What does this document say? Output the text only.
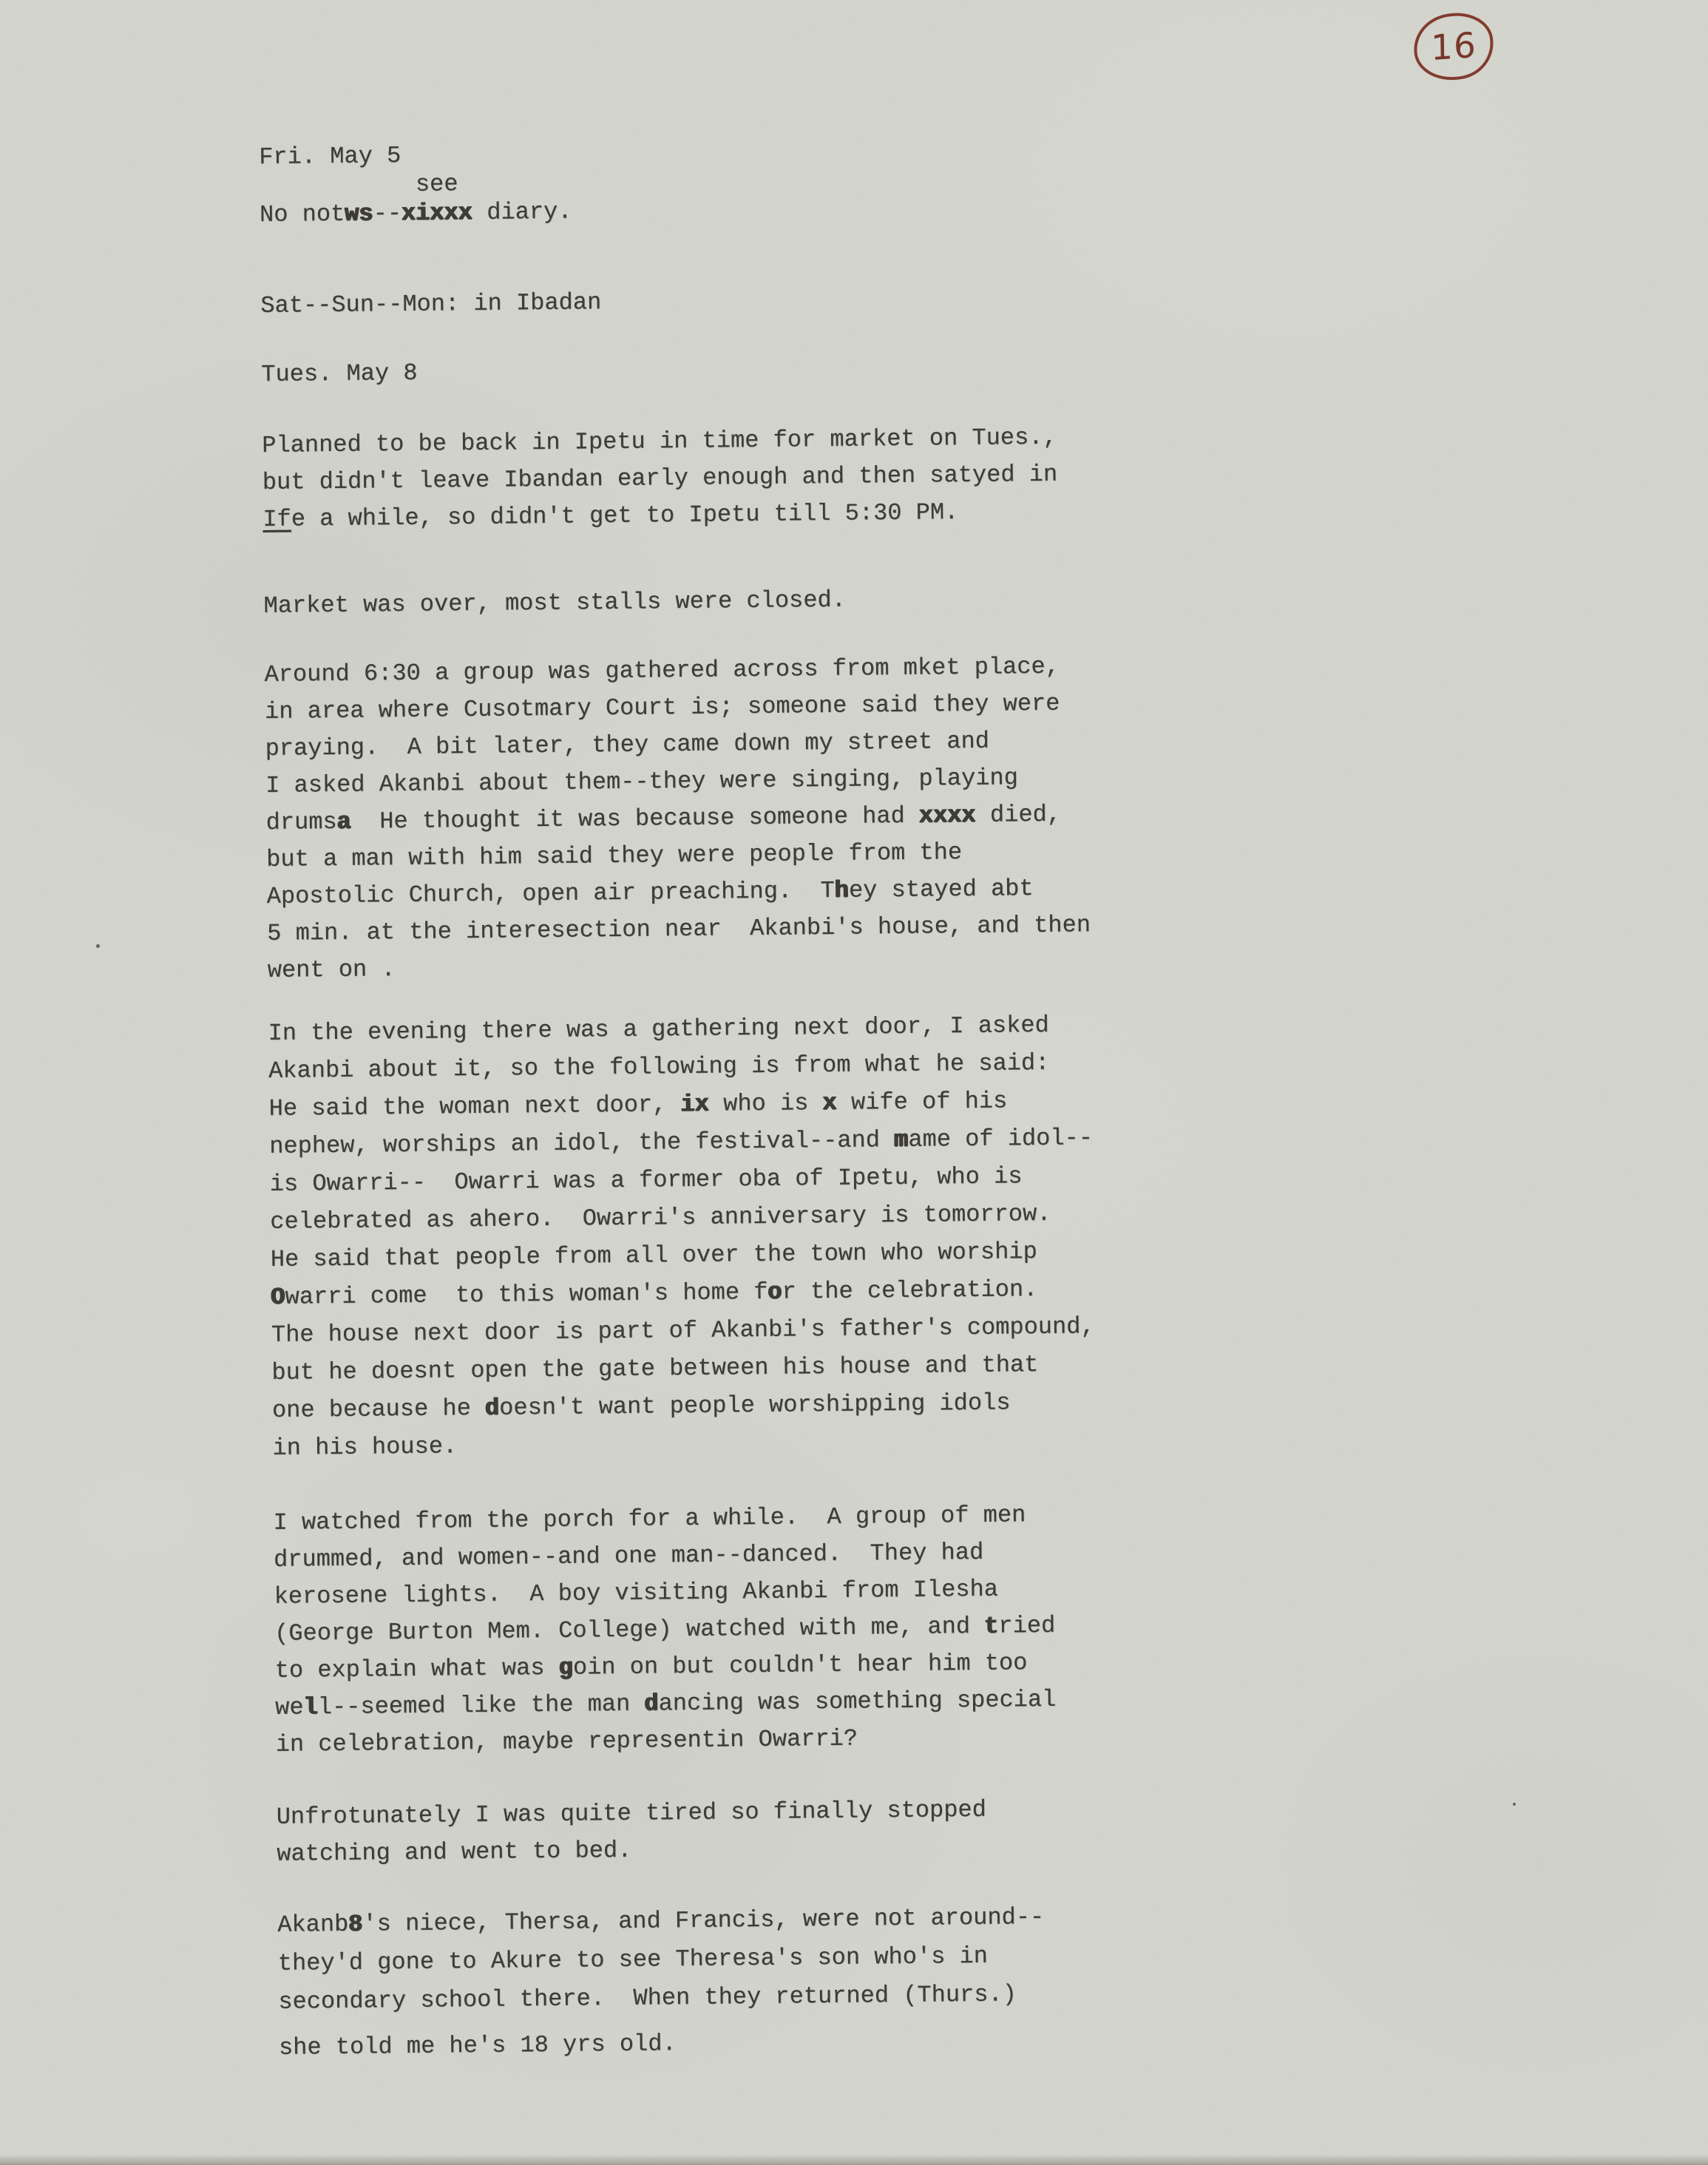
Fri. May 5
see
No notws--xixxx diary.
Sat--Sun--Mon: in Ibadan
Tues. May 8
Planned to be back in Ipetu in time for market on Tues.,
but didn't leave Ibandan early enough and then satyed in
Ife a while, so didn't get to Ipetu till 5:30 PM.
Market was over, most stalls were closed.
Around 6:30 a group was gathered across from mket place,
in area where Cusotmary Court is; someone said they were
praying.  A bit later, they came down my street and
I asked Akanbi about them--they were singing, playing
drumsa  He thought it was because someone had xxxx died,
but a man with him said they were people from the
Apostolic Church, open air preaching.  They stayed abt
5 min. at the interesection near  Akanbi's house, and then
went on .
In the evening there was a gathering next door, I asked
Akanbi about it, so the following is from what he said:
He said the woman next door, ix who is x wife of his
nephew, worships an idol, the festival--and mame of idol--
is Owarri--  Owarri was a former oba of Ipetu, who is
celebrated as ahero.  Owarri's anniversary is tomorrow.
He said that people from all over the town who worship
Owarri come  to this woman's home for the celebration.
The house next door is part of Akanbi's father's compound,
but he doesnt open the gate between his house and that
one because he doesn't want people worshipping idols
in his house.
I watched from the porch for a while.  A group of men
drummed, and women--and one man--danced.  They had
kerosene lights.  A boy visiting Akanbi from Ilesha
(George Burton Mem. College) watched with me, and tried
to explain what was goin on but couldn't hear him too
well--seemed like the man dancing was something special
in celebration, maybe representin Owarri?
Unfrotunately I was quite tired so finally stopped
watching and went to bed.
Akanb8's niece, Thersa, and Francis, were not around--
they'd gone to Akure to see Theresa's son who's in
secondary school there.  When they returned (Thurs.)
she told me he's 18 yrs old.
16
